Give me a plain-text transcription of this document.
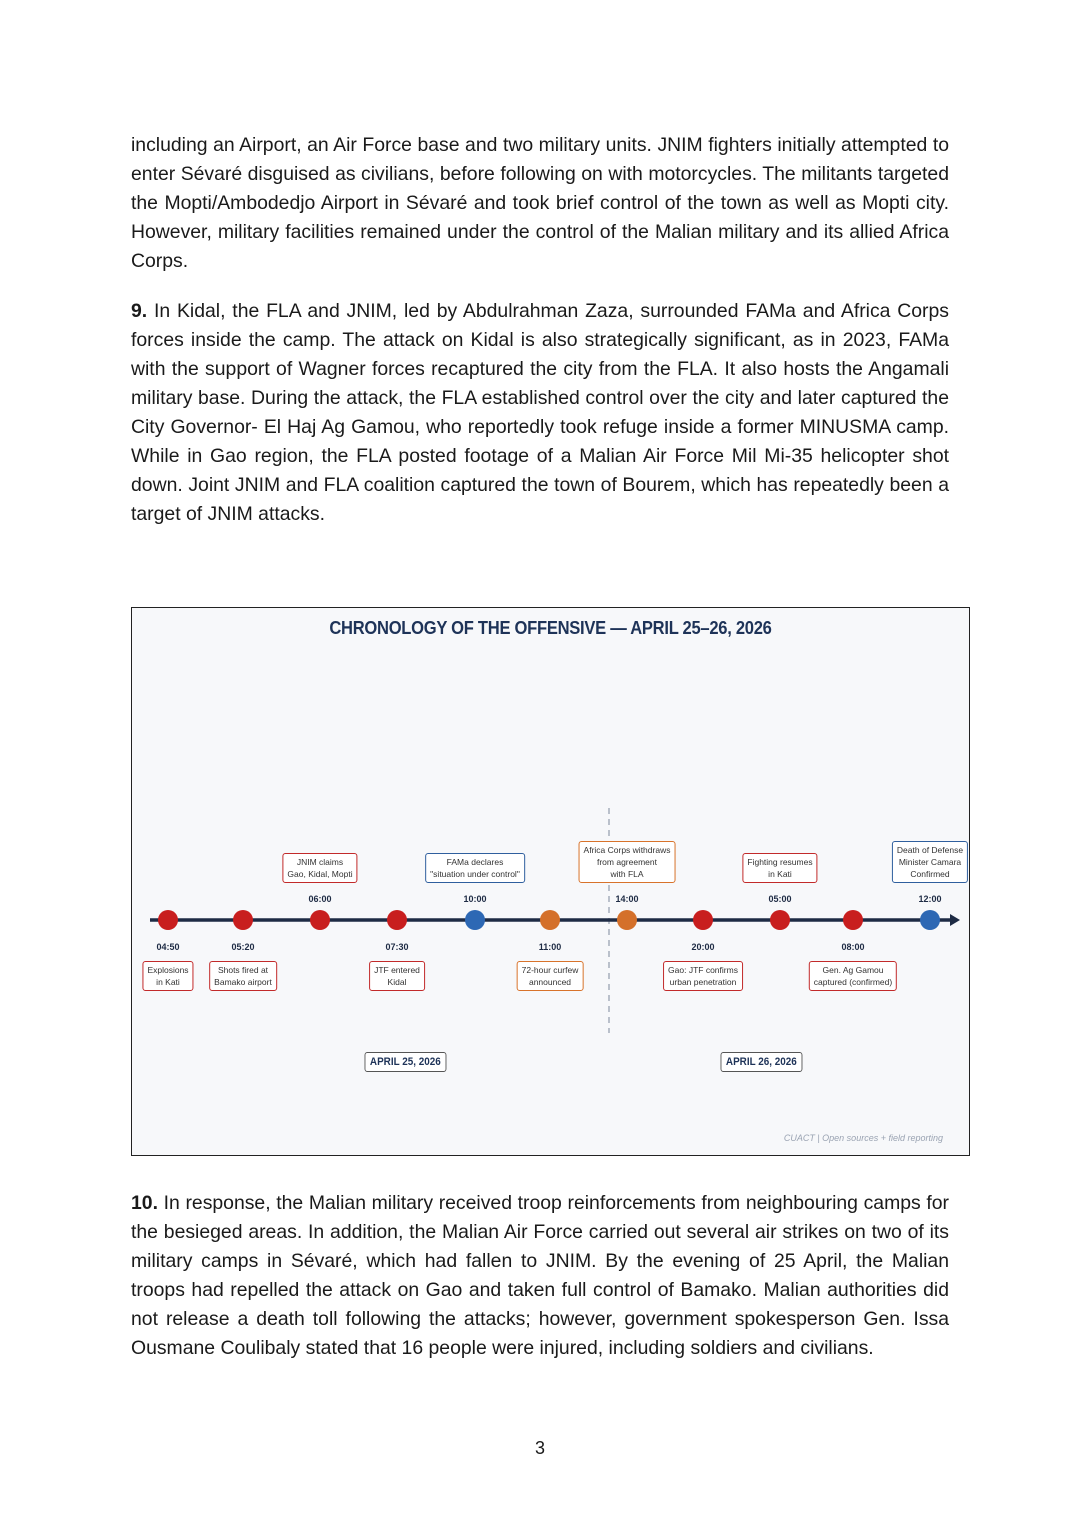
including an Airport, an Air Force base and two military units. JNIM fighters initially attempted to enter Sévaré disguised as civilians, before following on with motorcycles. The militants targeted the Mopti/Ambodedjo Airport in Sévaré and took brief control of the town as well as Mopti city. However, military facilities remained under the control of the Malian military and its allied Africa Corps.

9. In Kidal, the FLA and JNIM, led by Abdulrahman Zaza, surrounded FAMa and Africa Corps forces inside the camp. The attack on Kidal is also strategically significant, as in 2023, FAMa with the support of Wagner forces recaptured the city from the FLA. It also hosts the Angamali military base. During the attack, the FLA established control over the city and later captured the City Governor- El Haj Ag Gamou, who reportedly took refuge inside a former MINUSMA camp. While in Gao region, the FLA posted footage of a Malian Air Force Mil Mi-35 helicopter shot down. Joint JNIM and FLA coalition captured the town of Bourem, which has repeatedly been a target of JNIM attacks.

CHRONOLOGY OF THE OFFENSIVE — APRIL 25–26, 2026
04:50
Explosions
in Kati
05:20
Shots fired at
Bamako airport
06:00
JNIM claims
Gao, Kidal, Mopti
07:30
JTF entered
Kidal
10:00
FAMa declares
"situation under control"
11:00
72-hour curfew
announced
14:00
Africa Corps withdraws
from agreement
with FLA
20:00
Gao: JTF confirms
urban penetration
05:00
Fighting resumes
in Kati
08:00
Gen. Ag Gamou
captured (confirmed)
12:00
Death of Defense
Minister Camara
Confirmed
APRIL 25, 2026	APRIL 26, 2026
CUACT | Open sources + field reporting

10. In response, the Malian military received troop reinforcements from neighbouring camps for the besieged areas. In addition, the Malian Air Force carried out several air strikes on two of its military camps in Sévaré, which had fallen to JNIM. By the evening of 25 April, the Malian troops had repelled the attack on Gao and taken full control of Bamako. Malian authorities did not release a death toll following the attacks; however, government spokesperson Gen. Issa Ousmane Coulibaly stated that 16 people were injured, including soldiers and civilians.

3
